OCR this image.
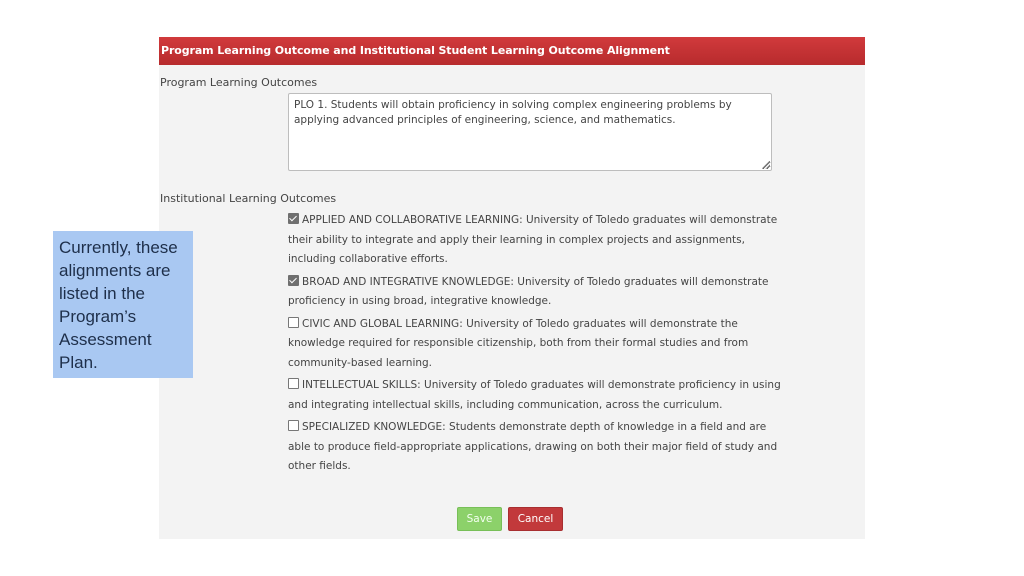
Program Learning Outcome and Institutional Student Learning Outcome Alignment
Program Learning Outcomes
PLO 1. Students will obtain proficiency in solving complex engineering problems by applying advanced principles of engineering, science, and mathematics.
Institutional Learning Outcomes
APPLIED AND COLLABORATIVE LEARNING: University of Toledo graduates will demonstrate their ability to integrate and apply their learning in complex projects and assignments, including collaborative efforts.
BROAD AND INTEGRATIVE KNOWLEDGE: University of Toledo graduates will demonstrate proficiency in using broad, integrative knowledge.
CIVIC AND GLOBAL LEARNING: University of Toledo graduates will demonstrate the knowledge required for responsible citizenship, both from their formal studies and from community-based learning.
INTELLECTUAL SKILLS: University of Toledo graduates will demonstrate proficiency in using and integrating intellectual skills, including communication, across the curriculum.
SPECIALIZED KNOWLEDGE: Students demonstrate depth of knowledge in a field and are able to produce field-appropriate applications, drawing on both their major field of study and other fields.
Save	Cancel
Currently, these
alignments are
listed in the
Program’s
Assessment
Plan.
